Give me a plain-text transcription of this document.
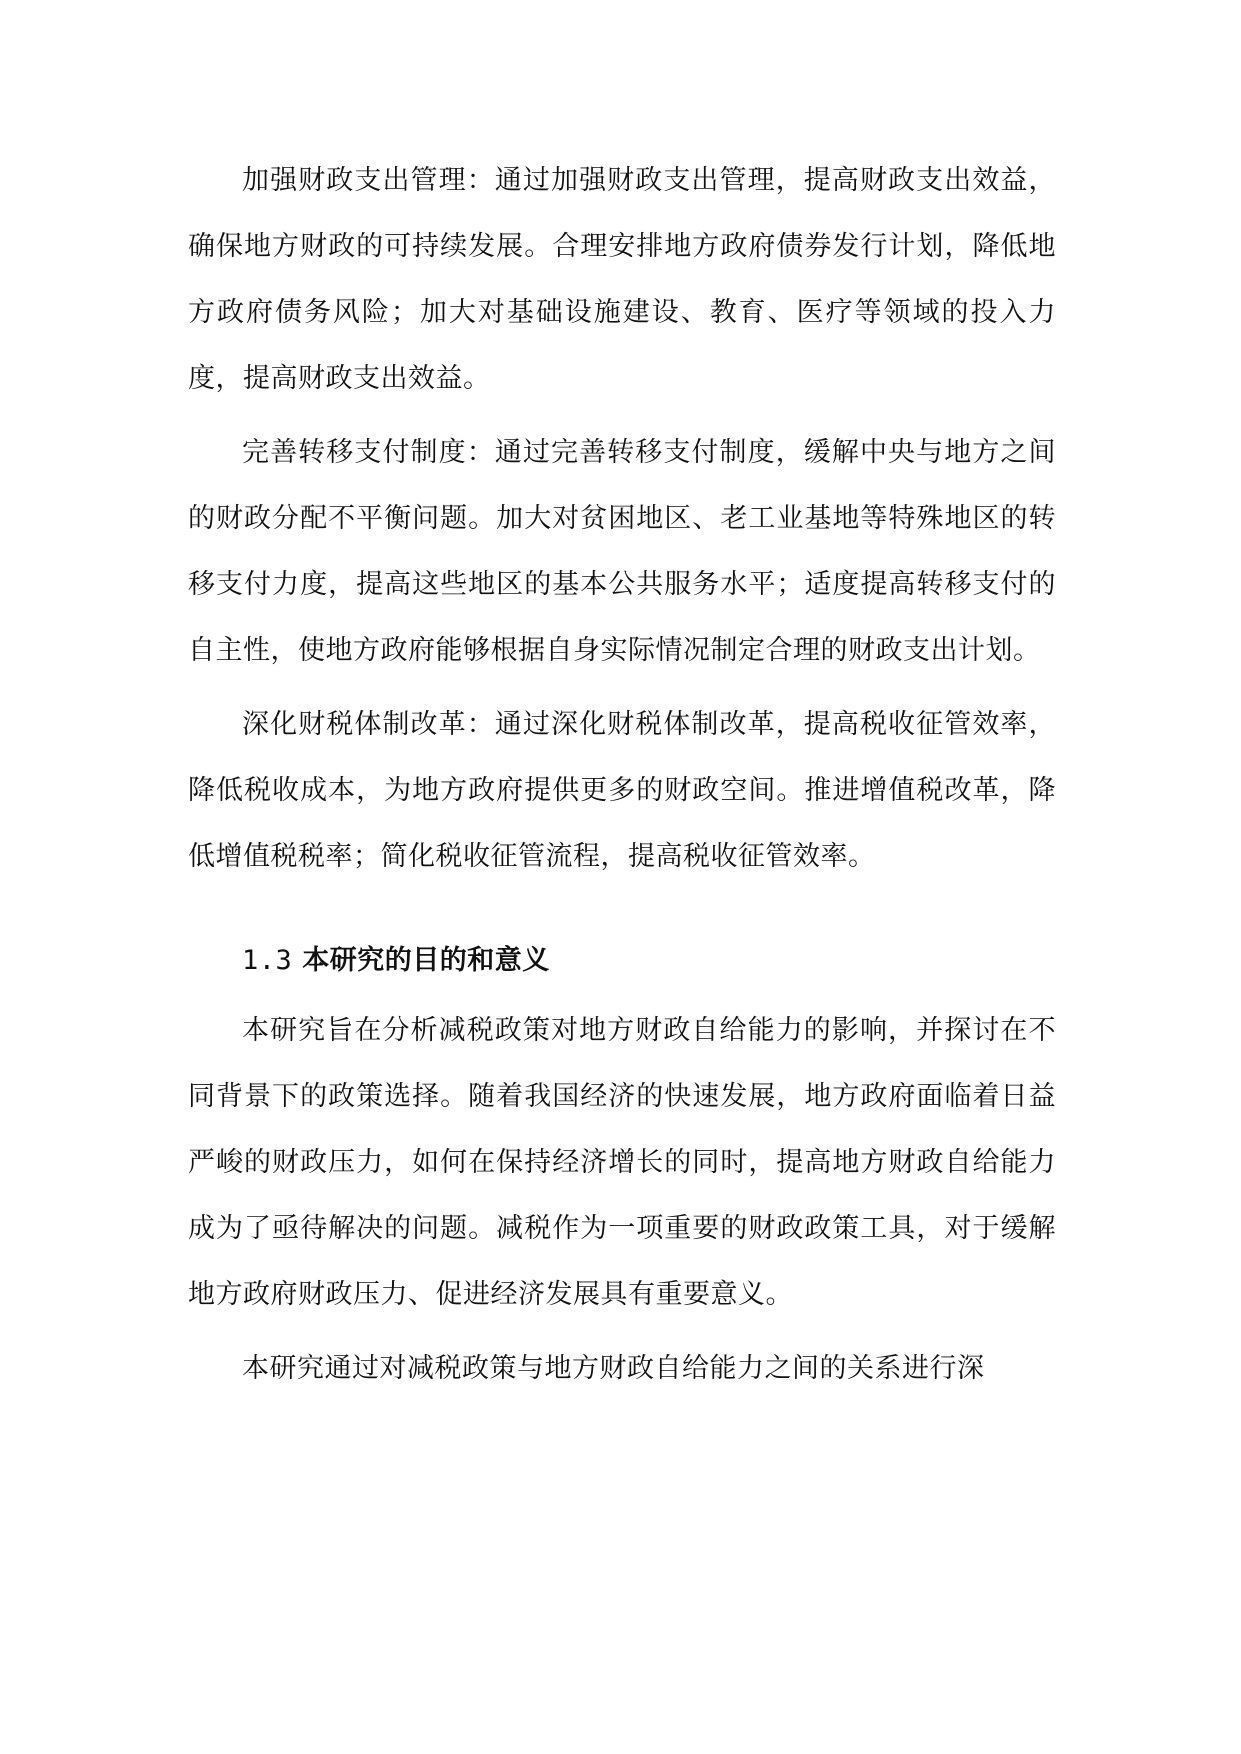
加强财政支出管理：通过加强财政支出管理，提高财政支出效益，确保地方财政的可持续发展。合理安排地方政府债券发行计划，降低地方政府债务风险；加大对基础设施建设、教育、医疗等领域的投入力度，提高财政支出效益。

完善转移支付制度：通过完善转移支付制度，缓解中央与地方之间的财政分配不平衡问题。加大对贫困地区、老工业基地等特殊地区的转移支付力度，提高这些地区的基本公共服务水平；适度提高转移支付的自主性，使地方政府能够根据自身实际情况制定合理的财政支出计划。

深化财税体制改革：通过深化财税体制改革，提高税收征管效率，降低税收成本，为地方政府提供更多的财政空间。推进增值税改革，降低增值税税率；简化税收征管流程，提高税收征管效率。

1.3 本研究的目的和意义

本研究旨在分析减税政策对地方财政自给能力的影响，并探讨在不同背景下的政策选择。随着我国经济的快速发展，地方政府面临着日益严峻的财政压力，如何在保持经济增长的同时，提高地方财政自给能力成为了亟待解决的问题。减税作为一项重要的财政政策工具，对于缓解地方政府财政压力、促进经济发展具有重要意义。

本研究通过对减税政策与地方财政自给能力之间的关系进行深
